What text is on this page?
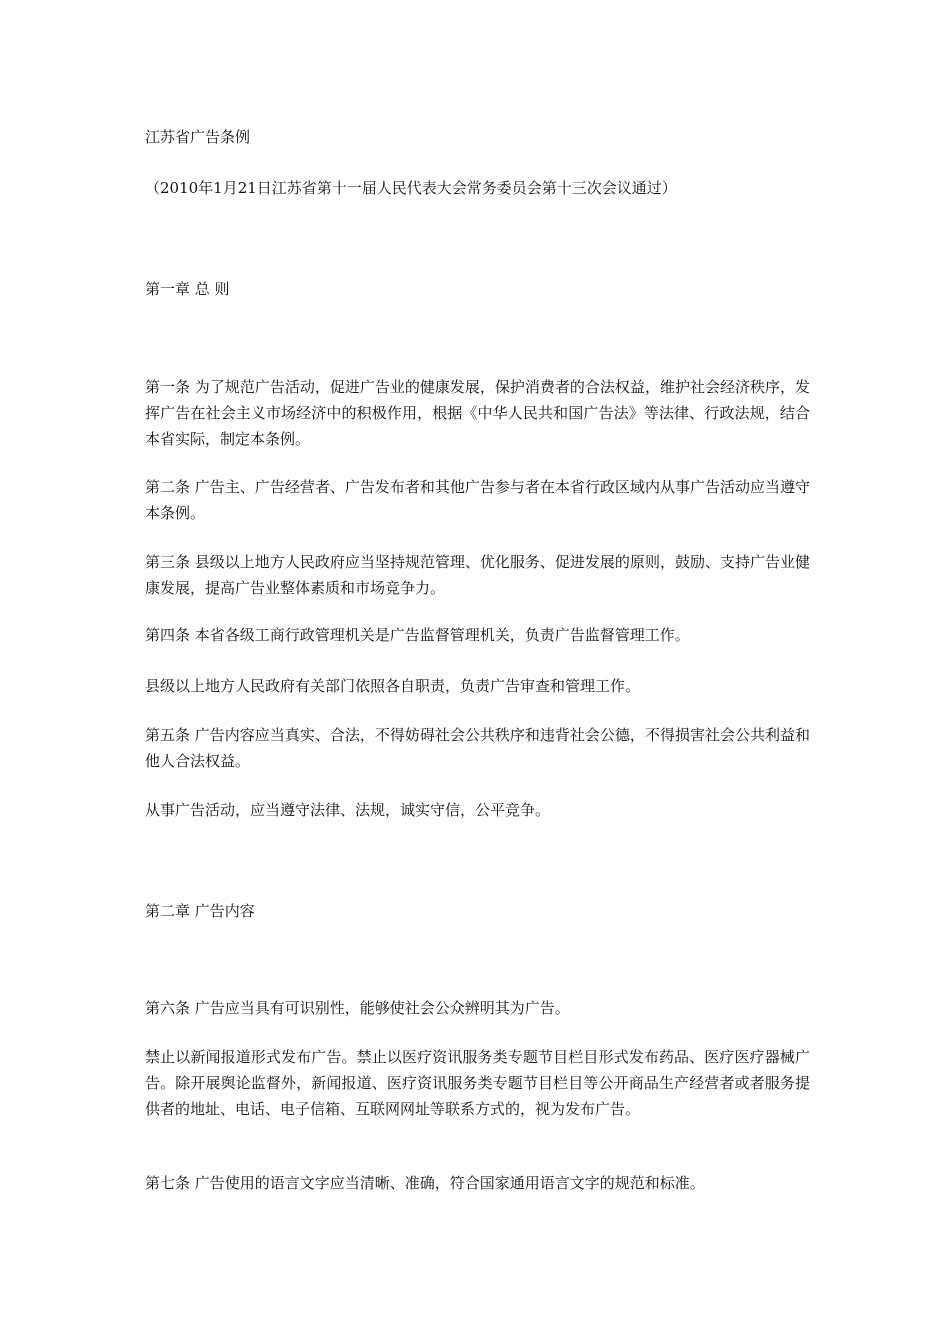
江苏省广告条例
（2010年1月21日江苏省第十一届人民代表大会常务委员会第十三次会议通过）
第一章 总 则
第一条 为了规范广告活动，促进广告业的健康发展，保护消费者的合法权益，维护社会经济秩序，发挥广告在社会主义市场经济中的积极作用，根据《中华人民共和国广告法》等法律、行政法规，结合本省实际，制定本条例。
第二条 广告主、广告经营者、广告发布者和其他广告参与者在本省行政区域内从事广告活动应当遵守本条例。
第三条 县级以上地方人民政府应当坚持规范管理、优化服务、促进发展的原则，鼓励、支持广告业健康发展，提高广告业整体素质和市场竞争力。
第四条 本省各级工商行政管理机关是广告监督管理机关，负责广告监督管理工作。
县级以上地方人民政府有关部门依照各自职责，负责广告审查和管理工作。
第五条 广告内容应当真实、合法，不得妨碍社会公共秩序和违背社会公德，不得损害社会公共利益和他人合法权益。
从事广告活动，应当遵守法律、法规，诚实守信，公平竞争。
第二章 广告内容
第六条 广告应当具有可识别性，能够使社会公众辨明其为广告。
禁止以新闻报道形式发布广告。禁止以医疗资讯服务类专题节目栏目形式发布药品、医疗医疗器械广告。除开展舆论监督外，新闻报道、医疗资讯服务类专题节目栏目等公开商品生产经营者或者服务提供者的地址、电话、电子信箱、互联网网址等联系方式的，视为发布广告。
第七条 广告使用的语言文字应当清晰、准确，符合国家通用语言文字的规范和标准。
